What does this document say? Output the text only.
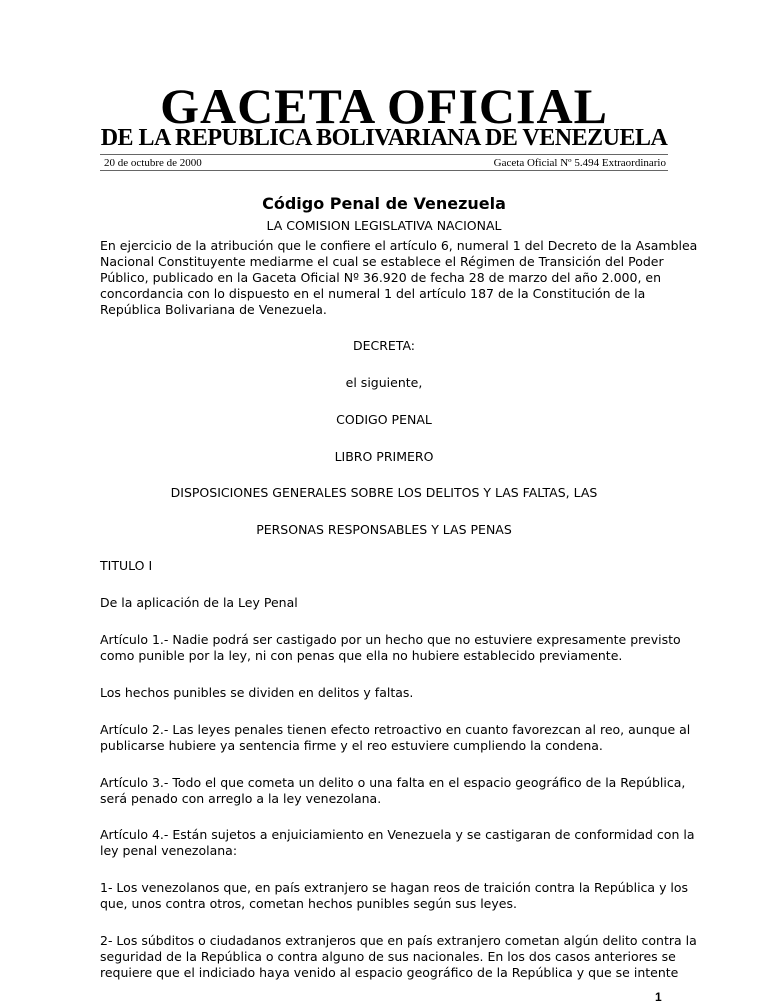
GACETA OFICIAL
DE LA REPUBLICA BOLIVARIANA DE VENEZUELA
20 de octubre de 2000	Gaceta Oficial Nº 5.494 Extraordinario
Código Penal de Venezuela
LA COMISION LEGISLATIVA NACIONAL
En ejercicio de la atribución que le confiere el artículo 6, numeral 1 del Decreto de la Asamblea
Nacional Constituyente mediarme el cual se establece el Régimen de Transición del Poder
Público, publicado en la Gaceta Oficial Nº 36.920 de fecha 28 de marzo del año 2.000, en
concordancia con lo dispuesto en el numeral 1 del artículo 187 de la Constitución de la
República Bolivariana de Venezuela.
DECRETA:
el siguiente,
CODIGO PENAL
LIBRO PRIMERO
DISPOSICIONES GENERALES SOBRE LOS DELITOS Y LAS FALTAS, LAS
PERSONAS RESPONSABLES Y LAS PENAS
TITULO I
De la aplicación de la Ley Penal
Artículo 1.- Nadie podrá ser castigado por un hecho que no estuviere expresamente previsto
como punible por la ley, ni con penas que ella no hubiere establecido previamente.
Los hechos punibles se dividen en delitos y faltas.
Artículo 2.- Las leyes penales tienen efecto retroactivo en cuanto favorezcan al reo, aunque al
publicarse hubiere ya sentencia firme y el reo estuviere cumpliendo la condena.
Artículo 3.- Todo el que cometa un delito o una falta en el espacio geográfico de la República,
será penado con arreglo a la ley venezolana.
Artículo 4.- Están sujetos a enjuiciamiento en Venezuela y se castigaran de conformidad con la
ley penal venezolana:
1- Los venezolanos que, en país extranjero se hagan reos de traición contra la República y los
que, unos contra otros, cometan hechos punibles según sus leyes.
2- Los súbditos o ciudadanos extranjeros que en país extranjero cometan algún delito contra la
seguridad de la República o contra alguno de sus nacionales. En los dos casos anteriores se
requiere que el indiciado haya venido al espacio geográfico de la República y que se intente
1
